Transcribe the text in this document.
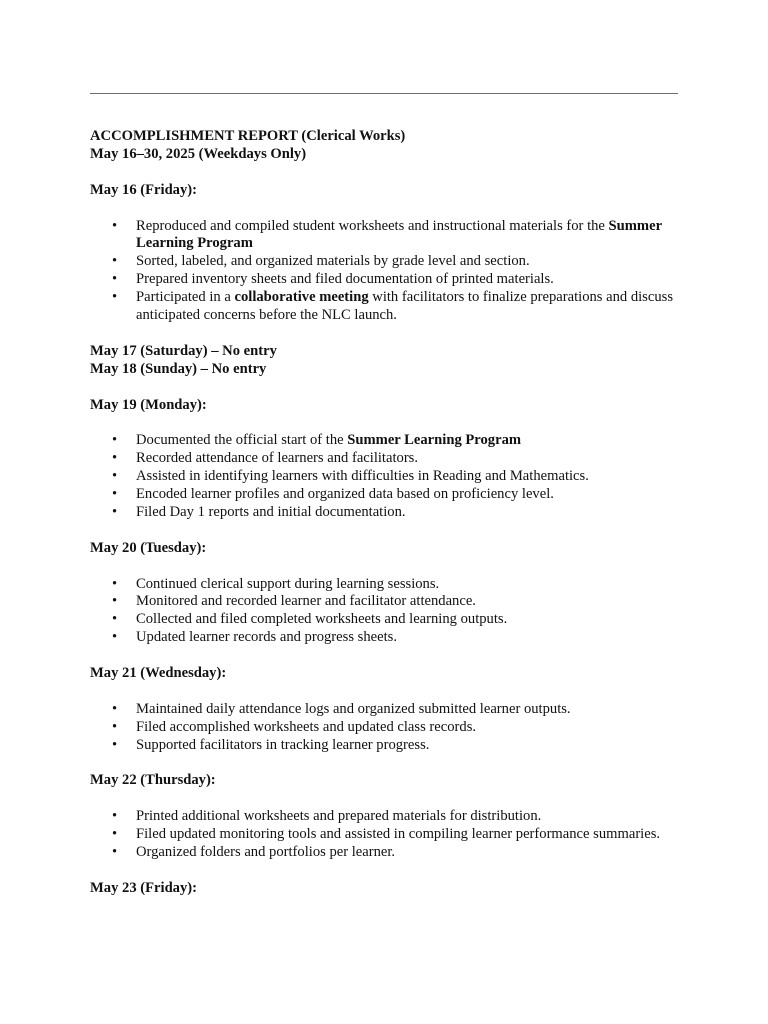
ACCOMPLISHMENT REPORT (Clerical Works)

May 16–30, 2025 (Weekdays Only)

May 16 (Friday):

• Reproduced and compiled student worksheets and instructional materials for the Summer Learning Program
• Sorted, labeled, and organized materials by grade level and section.
• Prepared inventory sheets and filed documentation of printed materials.
• Participated in a collaborative meeting with facilitators to finalize preparations and discuss anticipated concerns before the NLC launch.

May 17 (Saturday) – No entry

May 18 (Sunday) – No entry

May 19 (Monday):

• Documented the official start of the Summer Learning Program
• Recorded attendance of learners and facilitators.
• Assisted in identifying learners with difficulties in Reading and Mathematics.
• Encoded learner profiles and organized data based on proficiency level.
• Filed Day 1 reports and initial documentation.

May 20 (Tuesday):

• Continued clerical support during learning sessions.
• Monitored and recorded learner and facilitator attendance.
• Collected and filed completed worksheets and learning outputs.
• Updated learner records and progress sheets.

May 21 (Wednesday):

• Maintained daily attendance logs and organized submitted learner outputs.
• Filed accomplished worksheets and updated class records.
• Supported facilitators in tracking learner progress.

May 22 (Thursday):

• Printed additional worksheets and prepared materials for distribution.
• Filed updated monitoring tools and assisted in compiling learner performance summaries.
• Organized folders and portfolios per learner.

May 23 (Friday):
